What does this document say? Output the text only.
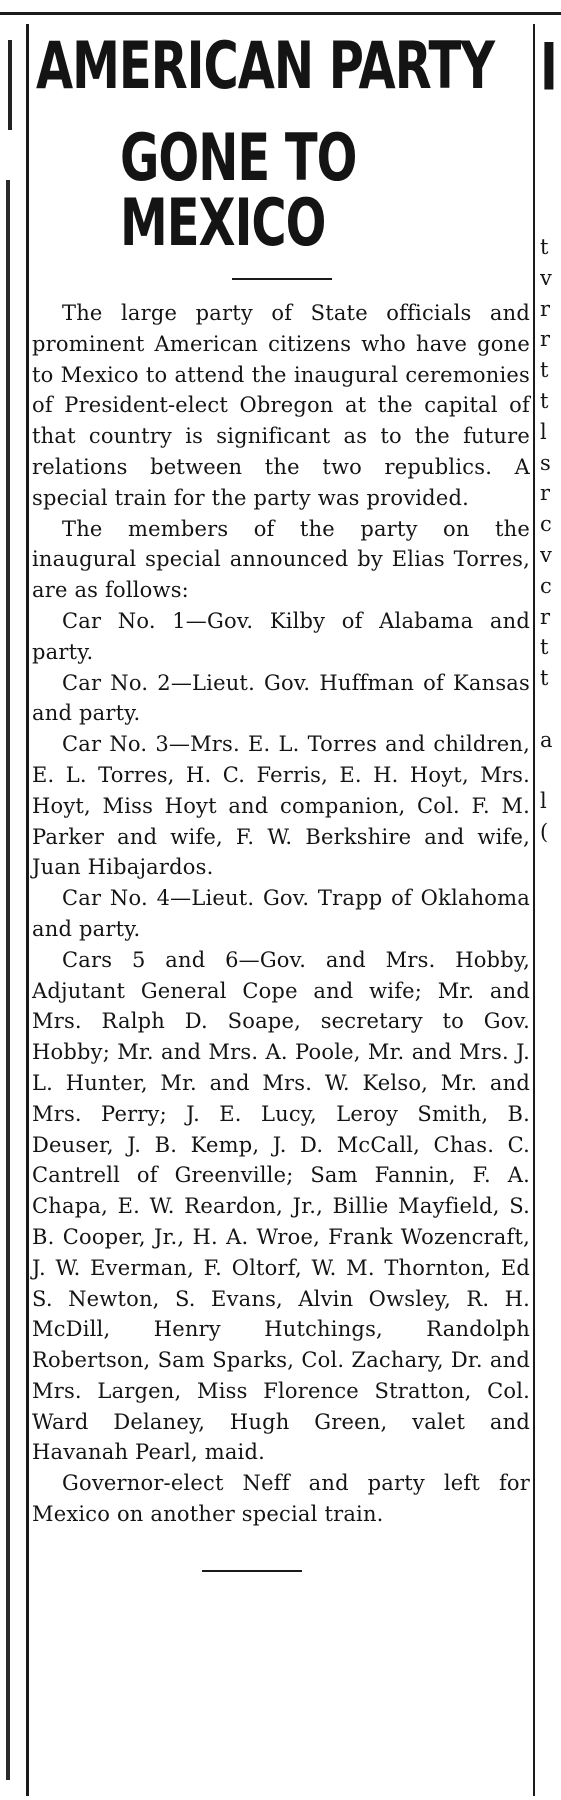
I
t
v
r
r
t
t
l
s
r
c
v
c
r
t
t
a
l
(
AMERICAN PARTY
GONE TO MEXICO

The large party of State officials and prominent American citizens who have gone to Mexico to attend the inaugural ceremonies of President-elect Obregon at the capital of that country is significant as to the future relations between the two republics. A special train for the party was provided.

The members of the party on the inaugural special announced by Elias Torres, are as follows:

Car No. 1—Gov. Kilby of Alabama and party.

Car No. 2—Lieut. Gov. Huffman of Kansas and party.

Car No. 3—Mrs. E. L. Torres and children, E. L. Torres, H. C. Ferris, E. H. Hoyt, Mrs. Hoyt, Miss Hoyt and companion, Col. F. M. Parker and wife, F. W. Berkshire and wife, Juan Hibajardos.

Car No. 4—Lieut. Gov. Trapp of Oklahoma and party.

Cars 5 and 6—Gov. and Mrs. Hobby, Adjutant General Cope and wife; Mr. and Mrs. Ralph D. Soape, secretary to Gov. Hobby; Mr. and Mrs. A. Poole, Mr. and Mrs. J. L. Hunter, Mr. and Mrs. W. Kelso, Mr. and Mrs. Perry; J. E. Lucy, Leroy Smith, B. Deuser, J. B. Kemp, J. D. McCall, Chas. C. Cantrell of Greenville; Sam Fannin, F. A. Chapa, E. W. Reardon, Jr., Billie Mayfield, S. B. Cooper, Jr., H. A. Wroe, Frank Wozencraft, J. W. Everman, F. Oltorf, W. M. Thornton, Ed S. Newton, S. Evans, Alvin Owsley, R. H. McDill, Henry Hutchings, Randolph Robertson, Sam Sparks, Col. Zachary, Dr. and Mrs. Largen, Miss Florence Stratton, Col. Ward Delaney, Hugh Green, valet and Havanah Pearl, maid.

Governor-elect Neff and party left for Mexico on another special train.
